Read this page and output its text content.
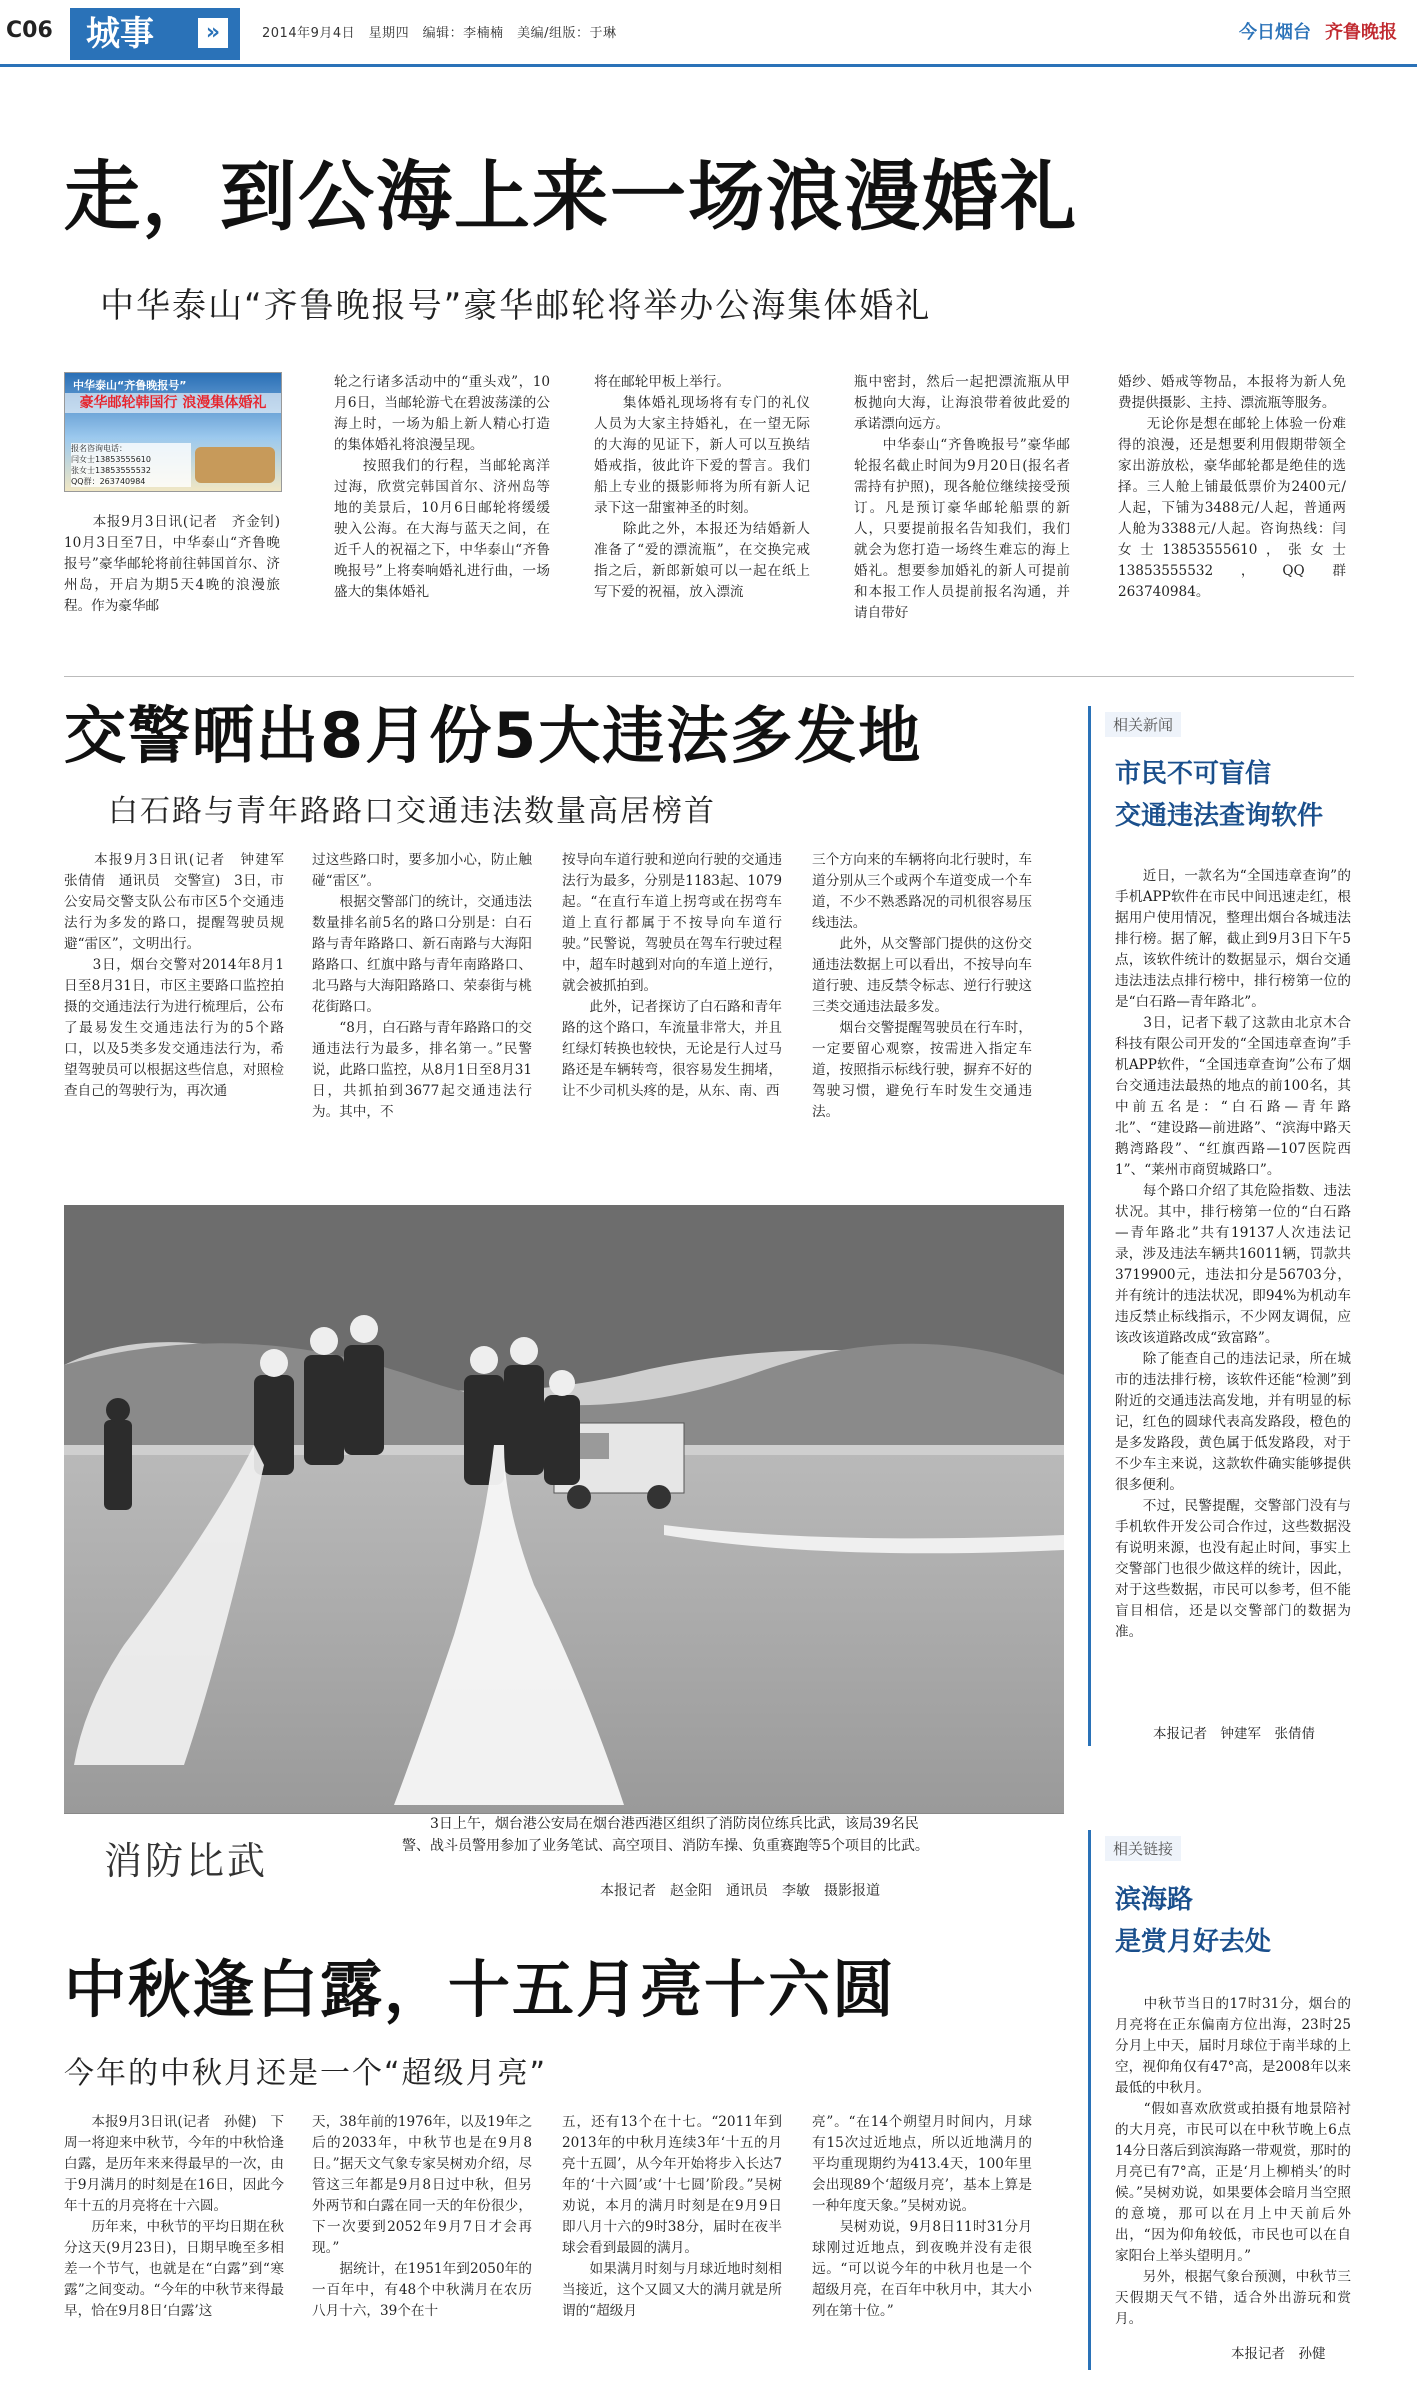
C06 城事	»	2014年9月4日　星期四　编辑：李楠楠　美编/组版：于琳	今日烟台 齐鲁晚报
走，到公海上来一场浪漫婚礼
中华泰山“齐鲁晚报号”豪华邮轮将举办公海集体婚礼
中华泰山“齐鲁晚报号”
豪华邮轮韩国行 浪漫集体婚礼
报名咨询电话：
闫女士13853555610
张女士13853555532
QQ群：263740984
　　本报9月3日讯(记者　齐金钊)　10月3日至7日，中华泰山“齐鲁晚报号”豪华邮轮将前往韩国首尔、济州岛，开启为期5天4晚的浪漫旅程。作为豪华邮
轮之行诸多活动中的“重头戏”，10月6日，当邮轮游弋在碧波荡漾的公海上时，一场为船上新人精心打造的集体婚礼将浪漫呈现。
　　按照我们的行程，当邮轮离洋过海，欣赏完韩国首尔、济州岛等地的美景后，10月6日邮轮将缓缓驶入公海。在大海与蓝天之间，在近千人的祝福之下，中华泰山“齐鲁晚报号”上将奏响婚礼进行曲，一场盛大的集体婚礼
将在邮轮甲板上举行。
　　集体婚礼现场将有专门的礼仪人员为大家主持婚礼，在一望无际的大海的见证下，新人可以互换结婚戒指，彼此许下爱的誓言。我们船上专业的摄影师将为所有新人记录下这一甜蜜神圣的时刻。
　　除此之外，本报还为结婚新人准备了“爱的漂流瓶”，在交换完戒指之后，新郎新娘可以一起在纸上写下爱的祝福，放入漂流
瓶中密封，然后一起把漂流瓶从甲板抛向大海，让海浪带着彼此爱的承诺漂向远方。
　　中华泰山“齐鲁晚报号”豪华邮轮报名截止时间为9月20日(报名者需持有护照)，现各舱位继续接受预订。凡是预订豪华邮轮船票的新人，只要提前报名告知我们，我们就会为您打造一场终生难忘的海上婚礼。想要参加婚礼的新人可提前和本报工作人员提前报名沟通，并请自带好
婚纱、婚戒等物品，本报将为新人免费提供摄影、主持、漂流瓶等服务。
　　无论你是想在邮轮上体验一份难得的浪漫，还是想要利用假期带领全家出游放松，豪华邮轮都是绝佳的选择。三人舱上铺最低票价为2400元/人起，下铺为3488元/人起，普通两人舱为3388元/人起。咨询热线：闫女士13853555610，张女士13853555532，QQ群263740984。
交警晒出8月份5大违法多发地
白石路与青年路路口交通违法数量高居榜首
　　本报9月3日讯(记者　钟建军　张倩倩　通讯员　交警宣)　3日，市公安局交警支队公布市区5个交通违法行为多发的路口，提醒驾驶员规避“雷区”，文明出行。
　　3日，烟台交警对2014年8月1日至8月31日，市区主要路口监控拍摄的交通违法行为进行梳理后，公布了最易发生交通违法行为的5个路口，以及5类多发交通违法行为，希望驾驶员可以根据这些信息，对照检查自己的驾驶行为，再次通
过这些路口时，要多加小心，防止触碰“雷区”。
　　根据交警部门的统计，交通违法数量排名前5名的路口分别是：白石路与青年路路口、新石南路与大海阳路路口、红旗中路与青年南路路口、北马路与大海阳路路口、荣泰街与桃花街路口。
　　“8月，白石路与青年路路口的交通违法行为最多，排名第一。”民警说，此路口监控，从8月1日至8月31日，共抓拍到3677起交通违法行为。其中，不
按导向车道行驶和逆向行驶的交通违法行为最多，分别是1183起、1079起。“在直行车道上拐弯或在拐弯车道上直行都属于不按导向车道行驶。”民警说，驾驶员在驾车行驶过程中，超车时越到对向的车道上逆行，就会被抓拍到。
　　此外，记者探访了白石路和青年路的这个路口，车流量非常大，并且红绿灯转换也较快，无论是行人过马路还是车辆转弯，很容易发生拥堵，让不少司机头疼的是，从东、南、西
三个方向来的车辆将向北行驶时，车道分别从三个或两个车道变成一个车道，不少不熟悉路况的司机很容易压线违法。
　　此外，从交警部门提供的这份交通违法数据上可以看出，不按导向车道行驶、违反禁令标志、逆行行驶这三类交通违法最多发。
　　烟台交警提醒驾驶员在行车时，一定要留心观察，按需进入指定车道，按照指示标线行驶，摒弃不好的驾驶习惯，避免行车时发生交通违法。
相关新闻
市民不可盲信
交通违法查询软件
　　近日，一款名为“全国违章查询”的手机APP软件在市民中间迅速走红，根据用户使用情况，整理出烟台各城违法排行榜。据了解，截止到9月3日下午5点，该软件统计的数据显示，烟台交通违法违法点排行榜中，排行榜第一位的是“白石路—青年路北”。
　　3日，记者下载了这款由北京木合科技有限公司开发的“全国违章查询”手机APP软件，“全国违章查询”公布了烟台交通违法最热的地点的前100名，其中前五名是：“白石路—青年路北”、“建设路—前进路”、“滨海中路天鹅湾路段”、“红旗西路—107医院西1”、“莱州市商贸城路口”。
　　每个路口介绍了其危险指数、违法状况。其中，排行榜第一位的“白石路—青年路北”共有19137人次违法记录，涉及违法车辆共16011辆，罚款共3719900元，违法扣分是56703分，并有统计的违法状况，即94%为机动车违反禁止标线指示，不少网友调侃，应该改该道路改成“致富路”。
　　除了能查自己的违法记录，所在城市的违法排行榜，该软件还能“检测”到附近的交通违法高发地，并有明显的标记，红色的圆球代表高发路段，橙色的是多发路段，黄色属于低发路段，对于不少车主来说，这款软件确实能够提供很多便利。
　　不过，民警提醒，交警部门没有与手机软件开发公司合作过，这些数据没有说明来源，也没有起止时间，事实上交警部门也很少做这样的统计，因此，对于这些数据，市民可以参考，但不能盲目相信，还是以交警部门的数据为准。
本报记者　钟建军　张倩倩
消防比武
　　3日上午，烟台港公安局在烟台港西港区组织了消防岗位练兵比武，该局39名民警、战斗员警用参加了业务笔试、高空项目、消防车操、负重赛跑等5个项目的比武。
本报记者　赵金阳　通讯员　李敏　摄影报道
中秋逢白露，十五月亮十六圆
今年的中秋月还是一个“超级月亮”
　　本报9月3日讯(记者　孙健)　下周一将迎来中秋节，今年的中秋恰逢白露，是历年来来得最早的一次，由于9月满月的时刻是在16日，因此今年十五的月亮将在十六圆。
　　历年来，中秋节的平均日期在秋分这天(9月23日)，日期早晚至多相差一个节气，也就是在“白露”到“寒露”之间变动。“今年的中秋节来得最早，恰在9月8日‘白露’这
天，38年前的1976年，以及19年之后的2033年，中秋节也是在9月8日。”据天文气象专家吴树劝介绍，尽管这三年都是9月8日过中秋，但另外两节和白露在同一天的年份很少，下一次要到2052年9月7日才会再现。”
　　据统计，在1951年到2050年的一百年中，有48个中秋满月在农历八月十六，39个在十
五，还有13个在十七。“2011年到2013年的中秋月连续3年‘十五的月亮十五圆’，从今年开始将步入长达7年的‘十六圆’或‘十七圆’阶段。”吴树劝说，本月的满月时刻是在9月9日即八月十六的9时38分，届时在夜半球会看到最圆的满月。
　　如果满月时刻与月球近地时刻相当接近，这个又圆又大的满月就是所谓的“超级月
亮”。“在14个朔望月时间内，月球有15次过近地点，所以近地满月的平均重现期约为413.4天，100年里会出现89个‘超级月亮’，基本上算是一种年度天象。”吴树劝说。
　　吴树劝说，9月8日11时31分月球刚过近地点，到夜晚并没有走很远。“可以说今年的中秋月也是一个超级月亮，在百年中秋月中，其大小列在第十位。”
相关链接
滨海路
是赏月好去处
　　中秋节当日的17时31分，烟台的月亮将在正东偏南方位出海，23时25分月上中天，届时月球位于南半球的上空，视仰角仅有47°高，是2008年以来最低的中秋月。
　　“假如喜欢欣赏或拍摄有地景陪衬的大月亮，市民可以在中秋节晚上6点14分日落后到滨海路一带观赏，那时的月亮已有7°高，正是‘月上柳梢头’的时候。”吴树劝说，如果要体会暗月当空照的意境，那可以在月上中天前后外出，“因为仰角较低，市民也可以在自家阳台上举头望明月。”
　　另外，根据气象台预测，中秋节三天假期天气不错，适合外出游玩和赏月。
本报记者　孙健
